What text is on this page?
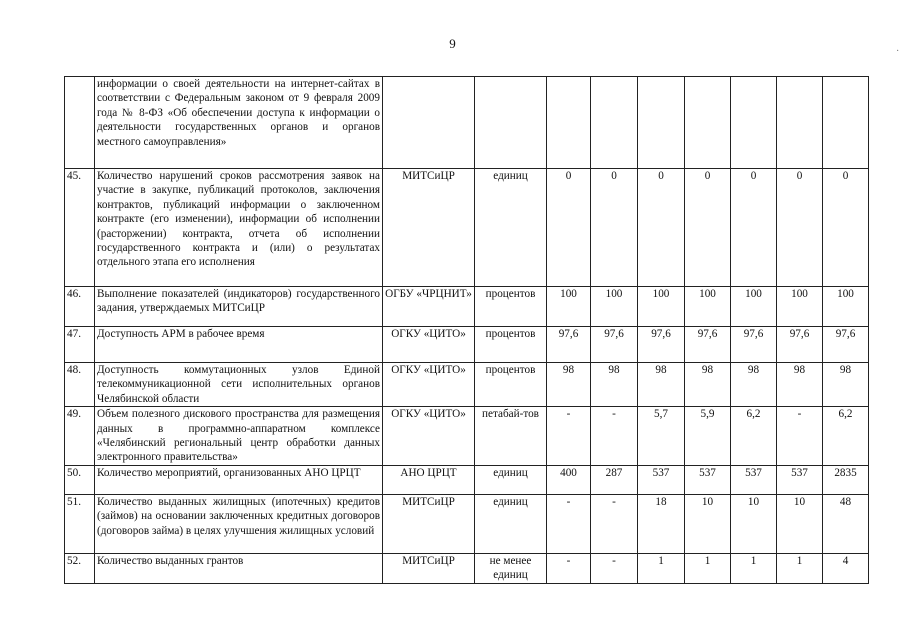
9
·
	информации о своей деятельности на интернет-сайтах в соответствии с Федеральным законом от 9 февраля 2009 года № 8-ФЗ «Об обеспечении доступа к информации о деятельности государственных органов и органов местного самоуправления»									
45.	Количество нарушений сроков рассмотрения заявок на участие в закупке, публикаций протоколов, заключения контрактов, публикаций информации о заключенном контракте (его изменении), информации об исполнении (расторжении) контракта, отчета об исполнении государственного контракта и (или) о результатах отдельного этапа его исполнения	МИТСиЦР	единиц	0	0	0	0	0	0	0
46.	Выполнение показателей (индикаторов) государственного задания, утверждаемых МИТСиЦР	ОГБУ «ЧРЦНИТ»	процентов	100	100	100	100	100	100	100
47.	Доступность АРМ в рабочее время	ОГКУ «ЦИТО»	процентов	97,6	97,6	97,6	97,6	97,6	97,6	97,6
48.	Доступность коммутационных узлов Единой телекоммуникационной сети исполнительных органов Челябинской области	ОГКУ «ЦИТО»	процентов	98	98	98	98	98	98	98
49.	Объем полезного дискового пространства для размещения данных в программно-аппаратном комплексе «Челябинский региональный центр обработки данных электронного правительства»	ОГКУ «ЦИТО»	петабай-тов	-	-	5,7	5,9	6,2	-	6,2
50.	Количество мероприятий, организованных АНО ЦРЦТ	АНО ЦРЦТ	единиц	400	287	537	537	537	537	2835
51.	Количество выданных жилищных (ипотечных) кредитов (займов) на основании заключенных кредитных договоров (договоров займа) в целях улучшения жилищных условий	МИТСиЦР	единиц	-	-	18	10	10	10	48
52.	Количество выданных грантов	МИТСиЦР	не менее единиц	-	-	1	1	1	1	4
